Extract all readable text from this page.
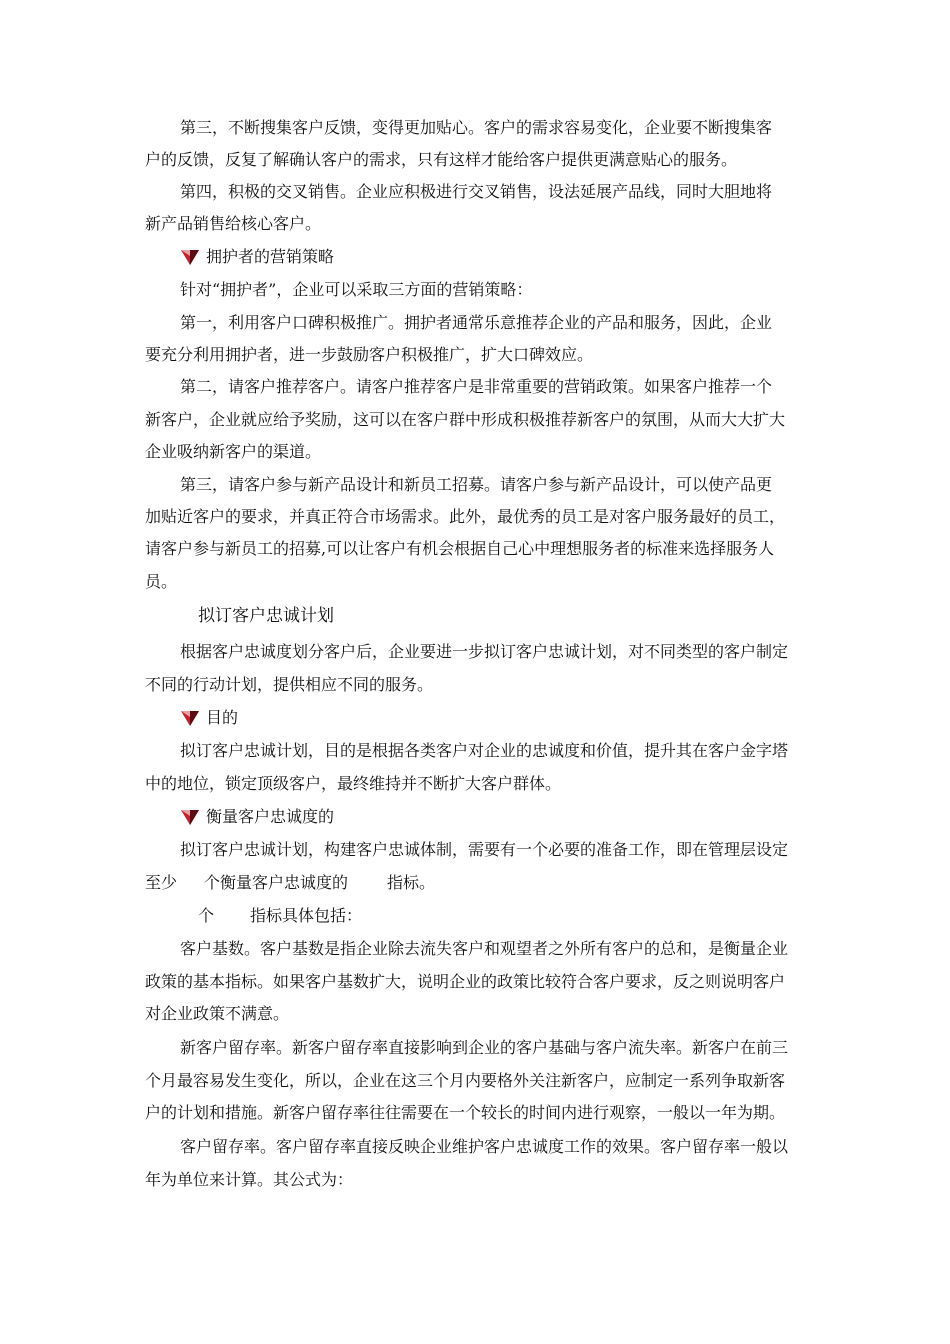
第三，不断搜集客户反馈，变得更加贴心。客户的需求容易变化，企业要不断搜集客
户的反馈，反复了解确认客户的需求，只有这样才能给客户提供更满意贴心的服务。
第四，积极的交叉销售。企业应积极进行交叉销售，设法延展产品线，同时大胆地将
新产品销售给核心客户。
拥护者的营销策略
针对“拥护者”，企业可以采取三方面的营销策略：
第一，利用客户口碑积极推广。拥护者通常乐意推荐企业的产品和服务，因此，企业
要充分利用拥护者，进一步鼓励客户积极推广，扩大口碑效应。
第二，请客户推荐客户。请客户推荐客户是非常重要的营销政策。如果客户推荐一个
新客户，企业就应给予奖励，这可以在客户群中形成积极推荐新客户的氛围，从而大大扩大
企业吸纳新客户的渠道。
第三，请客户参与新产品设计和新员工招募。请客户参与新产品设计，可以使产品更
加贴近客户的要求，并真正符合市场需求。此外，最优秀的员工是对客户服务最好的员工，
请客户参与新员工的招募,可以让客户有机会根据自己心中理想服务者的标准来选择服务人
员。
拟订客户忠诚计划
根据客户忠诚度划分客户后，企业要进一步拟订客户忠诚计划，对不同类型的客户制定
不同的行动计划，提供相应不同的服务。
目的
拟订客户忠诚计划，目的是根据各类客户对企业的忠诚度和价值，提升其在客户金字塔
中的地位，锁定顶级客户，最终维持并不断扩大客户群体。
衡量客户忠诚度的
拟订客户忠诚计划，构建客户忠诚体制，需要有一个必要的准备工作，即在管理层设定
至少 个衡量客户忠诚度的 指标。
个 指标具体包括：
客户基数。客户基数是指企业除去流失客户和观望者之外所有客户的总和，是衡量企业
政策的基本指标。如果客户基数扩大，说明企业的政策比较符合客户要求，反之则说明客户
对企业政策不满意。
新客户留存率。新客户留存率直接影响到企业的客户基础与客户流失率。新客户在前三
个月最容易发生变化，所以，企业在这三个月内要格外关注新客户，应制定一系列争取新客
户的计划和措施。新客户留存率往往需要在一个较长的时间内进行观察，一般以一年为期。
客户留存率。客户留存率直接反映企业维护客户忠诚度工作的效果。客户留存率一般以
年为单位来计算。其公式为：
